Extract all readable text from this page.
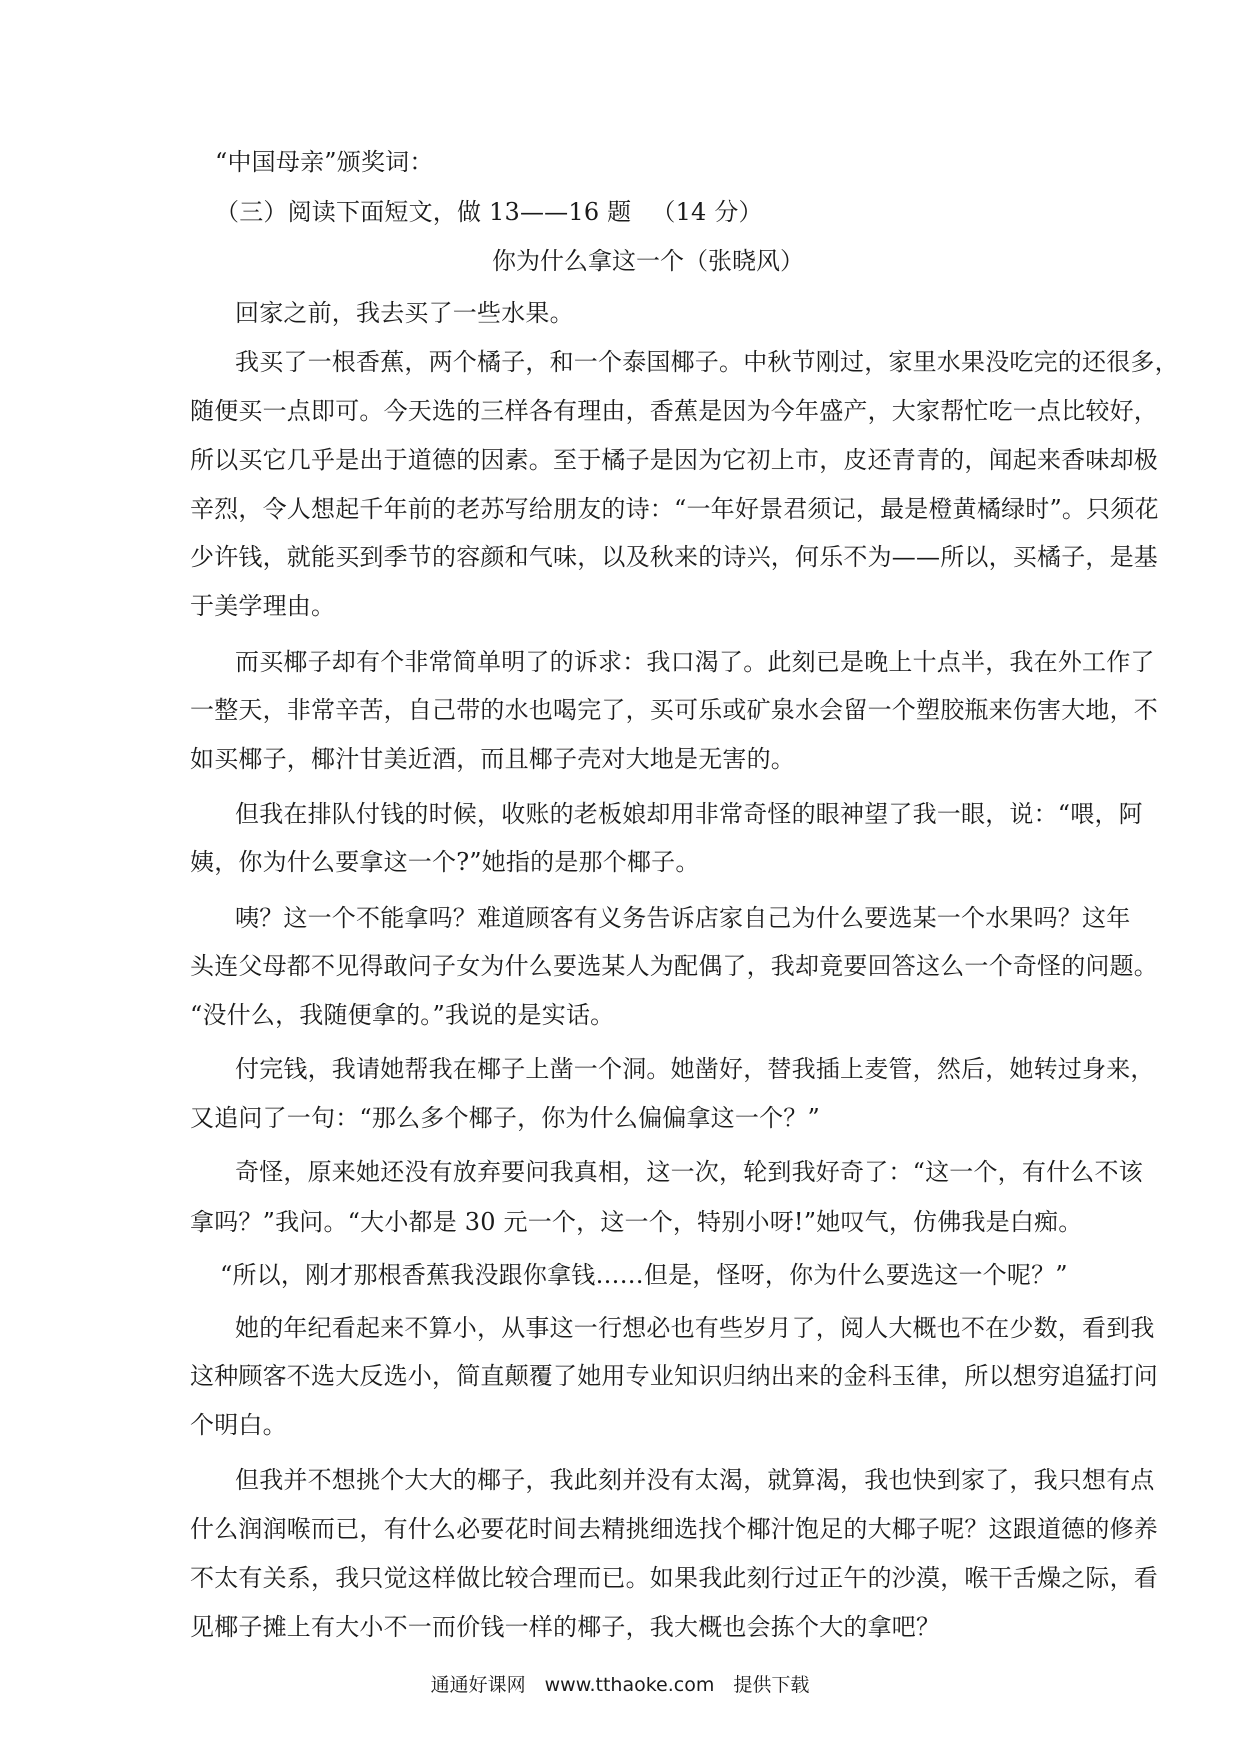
“中国母亲”颁奖词：
（三）阅读下面短文，做 13——16 题 　（14 分）
你为什么拿这一个（张晓风）
回家之前，我去买了一些水果。
我买了一根香蕉，两个橘子，和一个泰国椰子。中秋节刚过，家里水果没吃完的还很多，
随便买一点即可。今天选的三样各有理由，香蕉是因为今年盛产，大家帮忙吃一点比较好，
所以买它几乎是出于道德的因素。至于橘子是因为它初上市，皮还青青的，闻起来香味却极
辛烈，令人想起千年前的老苏写给朋友的诗：“一年好景君须记，最是橙黄橘绿时”。只须花
少许钱，就能买到季节的容颜和气味，以及秋来的诗兴，何乐不为——所以，买橘子，是基
于美学理由。
而买椰子却有个非常简单明了的诉求：我口渴了。此刻已是晚上十点半，我在外工作了
一整天，非常辛苦，自己带的水也喝完了，买可乐或矿泉水会留一个塑胶瓶来伤害大地，不
如买椰子，椰汁甘美近酒，而且椰子壳对大地是无害的。
但我在排队付钱的时候，收账的老板娘却用非常奇怪的眼神望了我一眼，说：“喂，阿
姨，你为什么要拿这一个?”她指的是那个椰子。
咦？这一个不能拿吗？难道顾客有义务告诉店家自己为什么要选某一个水果吗？这年
头连父母都不见得敢问子女为什么要选某人为配偶了，我却竟要回答这么一个奇怪的问题。
“没什么，我随便拿的。”我说的是实话。
付完钱，我请她帮我在椰子上凿一个洞。她凿好，替我插上麦管，然后，她转过身来，
又追问了一句：“那么多个椰子，你为什么偏偏拿这一个？”
奇怪，原来她还没有放弃要问我真相，这一次，轮到我好奇了：“这一个，有什么不该
拿吗？”我问。“大小都是 30 元一个，这一个，特别小呀!”她叹气，仿佛我是白痴。
“所以，刚才那根香蕉我没跟你拿钱……但是，怪呀，你为什么要选这一个呢？”
她的年纪看起来不算小，从事这一行想必也有些岁月了，阅人大概也不在少数，看到我
这种顾客不选大反选小，简直颠覆了她用专业知识归纳出来的金科玉律，所以想穷追猛打问
个明白。
但我并不想挑个大大的椰子，我此刻并没有太渴，就算渴，我也快到家了，我只想有点
什么润润喉而已，有什么必要花时间去精挑细选找个椰汁饱足的大椰子呢？这跟道德的修养
不太有关系，我只觉这样做比较合理而已。如果我此刻行过正午的沙漠，喉干舌燥之际，看
见椰子摊上有大小不一而价钱一样的椰子，我大概也会拣个大的拿吧？
通通好课网　www.tthaoke.com　提供下载
